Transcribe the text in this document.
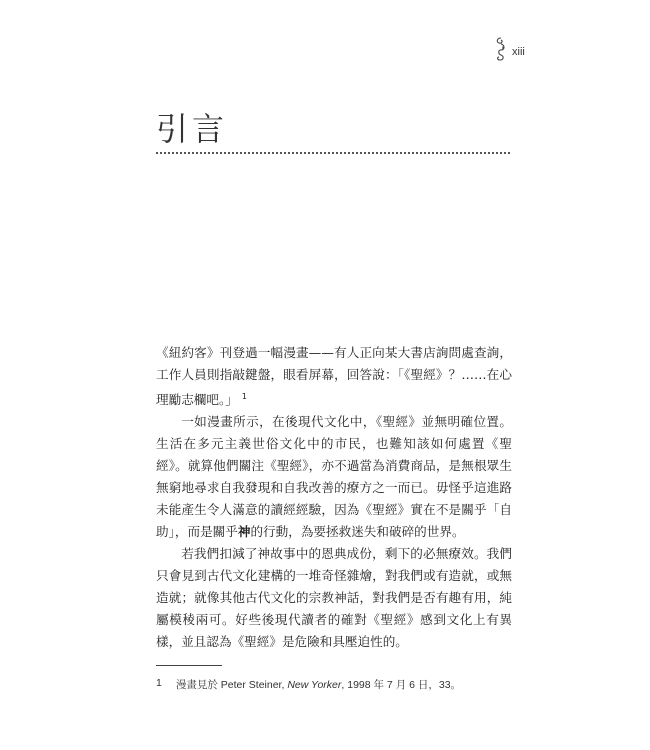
xiii
引言

《紐約客》刊登過一幅漫畫——有人正向某大書店詢問處查詢，工作人員則指敲鍵盤，眼看屏幕，回答說：「《聖經》？……在心理勵志欄吧。」 $^1$

一如漫畫所示，在後現代文化中，《聖經》並無明確位置。生活在多元主義世俗文化中的市民，也難知該如何處置《聖經》。就算他們關注《聖經》，亦不過當為消費商品，是無根眾生無窮地尋求自我發現和自我改善的療方之一而已。毋怪乎這進路未能產生令人滿意的讀經經驗，因為《聖經》實在不是關乎「自助」，而是關乎神的行動，為要拯救迷失和破碎的世界。

若我們扣減了神故事中的恩典成份，剩下的必無療效。我們只會見到古代文化建構的一堆奇怪雜燴，對我們或有造就，或無造就；就像其他古代文化的宗教神話，對我們是否有趣有用，純屬模稜兩可。好些後現代讀者的確對《聖經》感到文化上有異樣，並且認為《聖經》是危險和具壓迫性的。

1 漫畫見於 Peter Steiner, New Yorker, 1998 年 7 月 6 日，33。
